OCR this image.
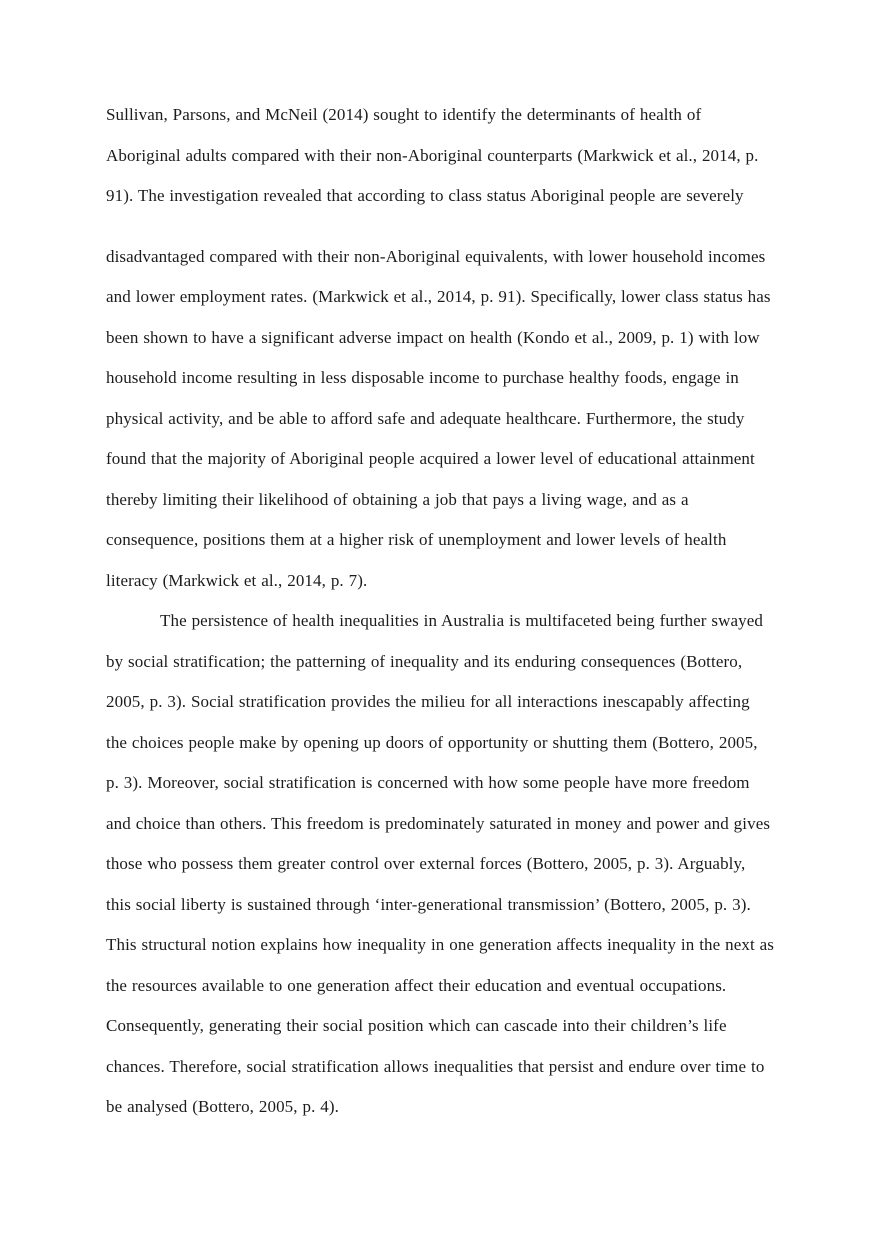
Sullivan, Parsons, and McNeil (2014) sought to identify the determinants of health of Aboriginal adults compared with their non-Aboriginal counterparts (Markwick et al., 2014, p. 91). The investigation revealed that according to class status Aboriginal people are severely

disadvantaged compared with their non-Aboriginal equivalents, with lower household incomes and lower employment rates. (Markwick et al., 2014, p. 91). Specifically, lower class status has been shown to have a significant adverse impact on health (Kondo et al., 2009, p. 1) with low household income resulting in less disposable income to purchase healthy foods, engage in physical activity, and be able to afford safe and adequate healthcare. Furthermore, the study found that the majority of Aboriginal people acquired a lower level of educational attainment thereby limiting their likelihood of obtaining a job that pays a living wage, and as a consequence, positions them at a higher risk of unemployment and lower levels of health literacy (Markwick et al., 2014, p. 7).

The persistence of health inequalities in Australia is multifaceted being further swayed by social stratification; the patterning of inequality and its enduring consequences (Bottero, 2005, p. 3). Social stratification provides the milieu for all interactions inescapably affecting the choices people make by opening up doors of opportunity or shutting them (Bottero, 2005, p. 3). Moreover, social stratification is concerned with how some people have more freedom and choice than others. This freedom is predominately saturated in money and power and gives those who possess them greater control over external forces (Bottero, 2005, p. 3). Arguably, this social liberty is sustained through ‘inter-generational transmission’ (Bottero, 2005, p. 3). This structural notion explains how inequality in one generation affects inequality in the next as the resources available to one generation affect their education and eventual occupations. Consequently, generating their social position which can cascade into their children’s life chances. Therefore, social stratification allows inequalities that persist and endure over time to be analysed (Bottero, 2005, p. 4).
